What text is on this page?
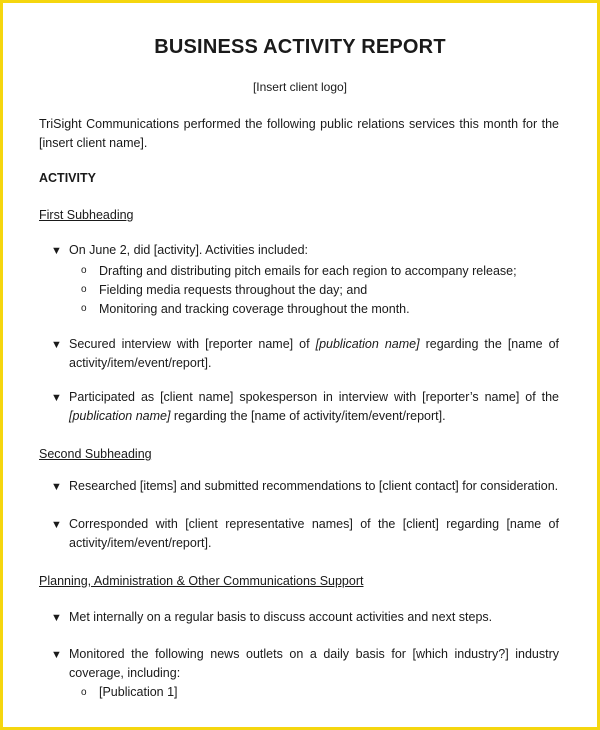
BUSINESS ACTIVITY REPORT
[Insert client logo]
TriSight Communications performed the following public relations services this month for the [insert client name].
ACTIVITY
First Subheading
▼ On June 2, did [activity]. Activities included:
o Drafting and distributing pitch emails for each region to accompany release;
o Fielding media requests throughout the day; and
o Monitoring and tracking coverage throughout the month.
▼ Secured interview with [reporter name] of [publication name] regarding the [name of activity/item/event/report].
▼ Participated as [client name] spokesperson in interview with [reporter’s name] of the [publication name] regarding the [name of activity/item/event/report].
Second Subheading
▼ Researched [items] and submitted recommendations to [client contact] for consideration.
▼ Corresponded with [client representative names] of the [client] regarding [name of activity/item/event/report].
Planning, Administration & Other Communications Support
▼ Met internally on a regular basis to discuss account activities and next steps.
▼ Monitored the following news outlets on a daily basis for [which industry?] industry coverage, including:
o [Publication 1]
